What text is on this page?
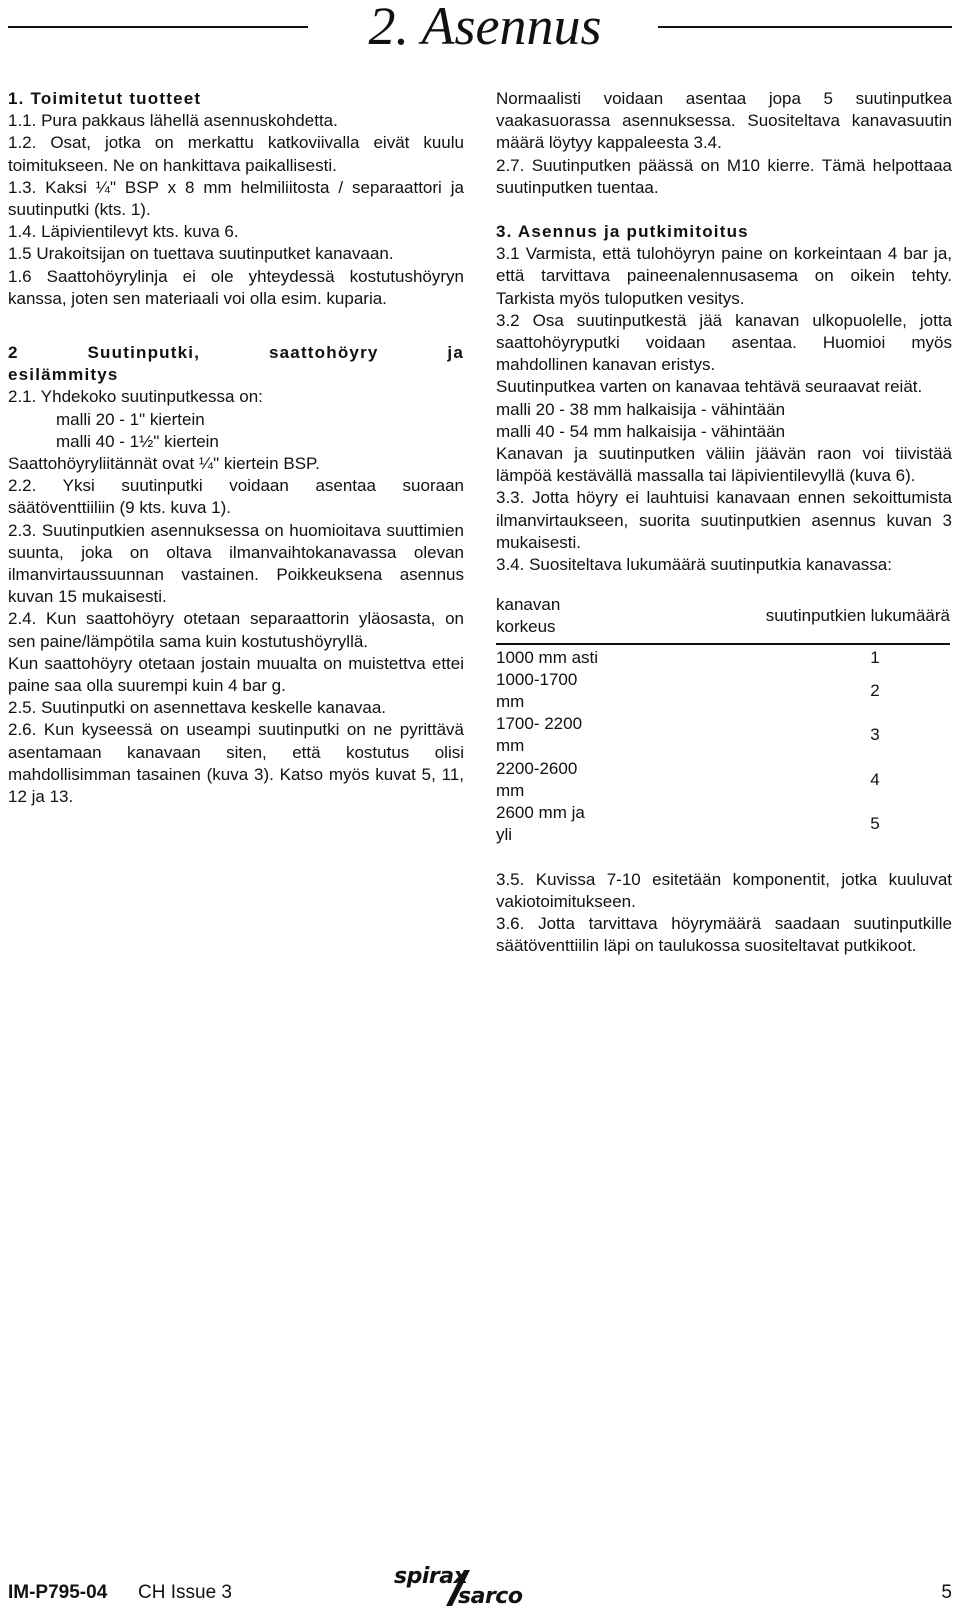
2. Asennus

1. Toimitetut tuotteet

1.1. Pura pakkaus lähellä asennuskohdetta.

1.2. Osat, jotka on merkattu katkoviivalla eivät kuulu toimitukseen. Ne on hankittava paikallisesti.

1.3. Kaksi ¼" BSP x 8 mm helmiliitosta / separaattori ja suutinputki (kts. 1).

1.4. Läpivientilevyt kts. kuva 6.

1.5 Urakoitsijan on tuettava suutinputket kanavaan.

1.6 Saattohöyrylinja ei ole yhteydessä kostutushöyryn kanssa, joten sen materiaali voi olla esim. kuparia.

2 Suutinputki, saattohöyry ja

esilämmitys

2.1. Yhdekoko suutinputkessa on:

malli 20 - 1" kiertein

malli 40 - 1½" kiertein

Saattohöyryliitännät ovat ¼" kiertein BSP.

2.2. Yksi suutinputki voidaan asentaa suoraan säätöventtiiliin (9 kts. kuva 1).

2.3. Suutinputkien asennuksessa on huomioitava suuttimien suunta, joka on oltava ilmanvaihtokanavassa olevan ilmanvirtaussuunnan vastainen. Poikkeuksena asennus kuvan 15 mukaisesti.

2.4. Kun saattohöyry otetaan separaattorin yläosasta, on sen paine/lämpötila sama kuin kostutushöyryllä.

Kun saattohöyry otetaan jostain muualta on muistettva ettei paine saa olla suurempi kuin 4 bar g.

2.5. Suutinputki on asennettava keskelle kanavaa.

2.6. Kun kyseessä on useampi suutinputki on ne pyrittävä asentamaan kanavaan siten, että kostutus olisi mahdollisimman tasainen (kuva 3). Katso myös kuvat 5, 11, 12 ja 13.

Normaalisti voidaan asentaa jopa 5 suutinputkea vaakasuorassa asennuksessa. Suositeltava kanavasuutin määrä löytyy kappaleesta 3.4.

2.7. Suutinputken päässä on M10 kierre. Tämä helpottaaa suutinputken tuentaa.

3. Asennus ja putkimitoitus

3.1 Varmista, että tulohöyryn paine on korkeintaan 4 bar ja, että tarvittava paineenalennusasema on oikein tehty. Tarkista myös tuloputken vesitys.

3.2 Osa suutinputkestä jää kanavan ulkopuolelle, jotta saattohöyryputki voidaan asentaa. Huomioi myös mahdollinen kanavan eristys.

Suutinputkea varten on kanavaa tehtävä seuraavat reiät.

malli 20 - 38 mm halkaisija - vähintään

malli 40 - 54 mm halkaisija - vähintään

Kanavan ja suutinputken väliin jäävän raon voi tiivistää lämpöä kestävällä massalla tai läpivientilevyllä (kuva 6).

3.3. Jotta höyry ei lauhtuisi kanavaan ennen sekoittumista ilmanvirtaukseen, suorita suutinputkien asennus kuvan 3 mukaisesti.

3.4. Suositeltava lukumäärä suutinputkia kanavassa:

kanavan korkeus	suutinputkien lukumäärä
1000 mm asti	1
1000-1700 mm	2
1700- 2200 mm	3
2200-2600 mm	4
2600 mm ja yli	5

3.5. Kuvissa 7-10 esitetään komponentit, jotka kuuluvat vakiotoimitukseen.

3.6. Jotta tarvittava höyrymäärä saadaan suutinputkille säätöventtiilin läpi on taulukossa suositeltavat putkikoot.

IM-P795-04 CH Issue 3
spirax
sarco	5
